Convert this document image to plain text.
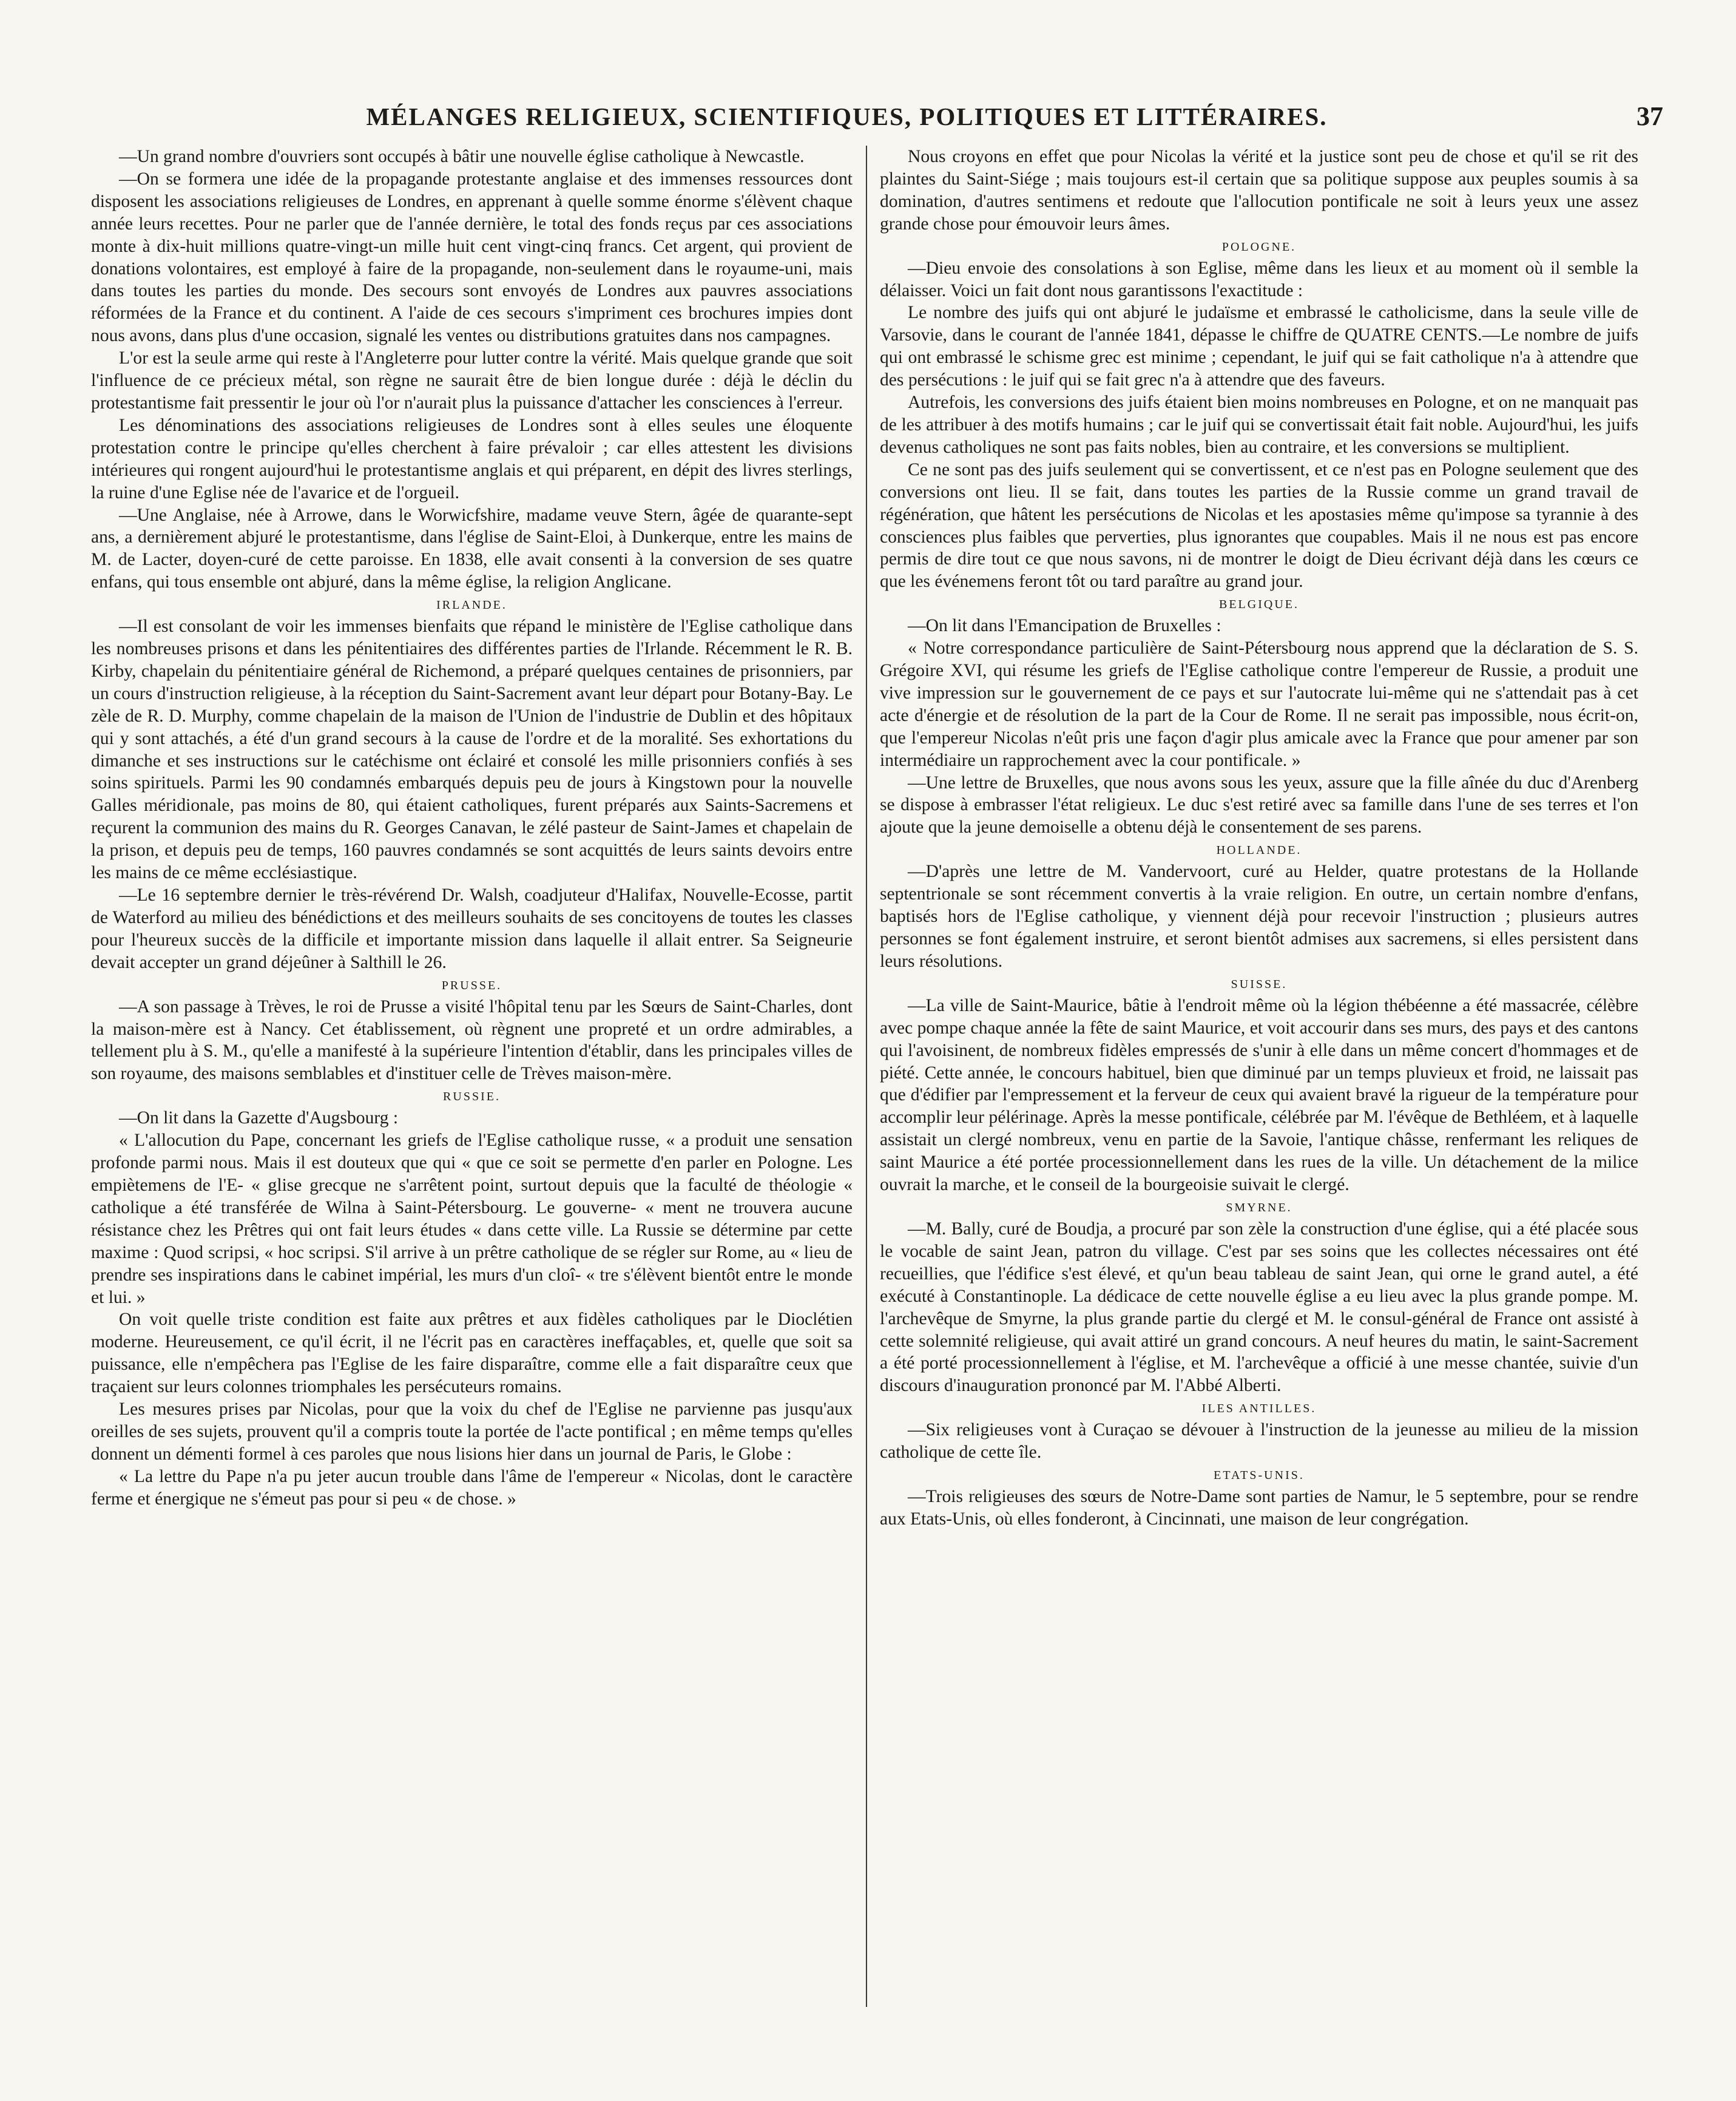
MÉLANGES RELIGIEUX, SCIENTIFIQUES, POLITIQUES ET LITTÉRAIRES.	37

—Un grand nombre d'ouvriers sont occupés à bâtir une nouvelle église catholique à Newcastle.

—On se formera une idée de la propagande protestante anglaise et des immenses ressources dont disposent les associations religieuses de Londres, en apprenant à quelle somme énorme s'élèvent chaque année leurs recettes. Pour ne parler que de l'année dernière, le total des fonds reçus par ces associations monte à dix-huit millions quatre-vingt-un mille huit cent vingt-cinq francs. Cet argent, qui provient de donations volontaires, est employé à faire de la propagande, non-seulement dans le royaume-uni, mais dans toutes les parties du monde. Des secours sont envoyés de Londres aux pauvres associations réformées de la France et du continent. A l'aide de ces secours s'impriment ces brochures impies dont nous avons, dans plus d'une occasion, signalé les ventes ou distributions gratuites dans nos campagnes.

L'or est la seule arme qui reste à l'Angleterre pour lutter contre la vérité. Mais quelque grande que soit l'influence de ce précieux métal, son règne ne saurait être de bien longue durée : déjà le déclin du protestantisme fait pressentir le jour où l'or n'aurait plus la puissance d'attacher les consciences à l'erreur.

Les dénominations des associations religieuses de Londres sont à elles seules une éloquente protestation contre le principe qu'elles cherchent à faire prévaloir ; car elles attestent les divisions intérieures qui rongent aujourd'hui le protestantisme anglais et qui préparent, en dépit des livres sterlings, la ruine d'une Eglise née de l'avarice et de l'orgueil.

—Une Anglaise, née à Arrowe, dans le Worwicfshire, madame veuve Stern, âgée de quarante-sept ans, a dernièrement abjuré le protestantisme, dans l'église de Saint-Eloi, à Dunkerque, entre les mains de M. de Lacter, doyen-curé de cette paroisse. En 1838, elle avait consenti à la conversion de ses quatre enfans, qui tous ensemble ont abjuré, dans la même église, la religion Anglicane.

IRLANDE.

—Il est consolant de voir les immenses bienfaits que répand le ministère de l'Eglise catholique dans les nombreuses prisons et dans les pénitentiaires des différentes parties de l'Irlande. Récemment le R. B. Kirby, chapelain du pénitentiaire général de Richemond, a préparé quelques centaines de prisonniers, par un cours d'instruction religieuse, à la réception du Saint-Sacrement avant leur départ pour Botany-Bay. Le zèle de R. D. Murphy, comme chapelain de la maison de l'Union de l'industrie de Dublin et des hôpitaux qui y sont attachés, a été d'un grand secours à la cause de l'ordre et de la moralité. Ses exhortations du dimanche et ses instructions sur le catéchisme ont éclairé et consolé les mille prisonniers confiés à ses soins spirituels. Parmi les 90 condamnés embarqués depuis peu de jours à Kingstown pour la nouvelle Galles méridionale, pas moins de 80, qui étaient catholiques, furent préparés aux Saints-Sacremens et reçurent la communion des mains du R. Georges Canavan, le zélé pasteur de Saint-James et chapelain de la prison, et depuis peu de temps, 160 pauvres condamnés se sont acquittés de leurs saints devoirs entre les mains de ce même ecclésiastique.

—Le 16 septembre dernier le très-révérend Dr. Walsh, coadjuteur d'Halifax, Nouvelle-Ecosse, partit de Waterford au milieu des bénédictions et des meilleurs souhaits de ses concitoyens de toutes les classes pour l'heureux succès de la difficile et importante mission dans laquelle il allait entrer. Sa Seigneurie devait accepter un grand déjeûner à Salthill le 26.

PRUSSE.

—A son passage à Trèves, le roi de Prusse a visité l'hôpital tenu par les Sœurs de Saint-Charles, dont la maison-mère est à Nancy. Cet établissement, où règnent une propreté et un ordre admirables, a tellement plu à S. M., qu'elle a manifesté à la supérieure l'intention d'établir, dans les principales villes de son royaume, des maisons semblables et d'instituer celle de Trèves maison-mère.

RUSSIE.

—On lit dans la Gazette d'Augsbourg :

« L'allocution du Pape, concernant les griefs de l'Eglise catholique russe, « a produit une sensation profonde parmi nous. Mais il est douteux que qui « que ce soit se permette d'en parler en Pologne. Les empiètemens de l'E- « glise grecque ne s'arrêtent point, surtout depuis que la faculté de théologie « catholique a été transférée de Wilna à Saint-Pétersbourg. Le gouverne- « ment ne trouvera aucune résistance chez les Prêtres qui ont fait leurs études « dans cette ville. La Russie se détermine par cette maxime : Quod scripsi, « hoc scripsi. S'il arrive à un prêtre catholique de se régler sur Rome, au « lieu de prendre ses inspirations dans le cabinet impérial, les murs d'un cloî- « tre s'élèvent bientôt entre le monde et lui. »

On voit quelle triste condition est faite aux prêtres et aux fidèles catholiques par le Dioclétien moderne. Heureusement, ce qu'il écrit, il ne l'écrit pas en caractères ineffaçables, et, quelle que soit sa puissance, elle n'empêchera pas l'Eglise de les faire disparaître, comme elle a fait disparaître ceux que traçaient sur leurs colonnes triomphales les persécuteurs romains.

Les mesures prises par Nicolas, pour que la voix du chef de l'Eglise ne parvienne pas jusqu'aux oreilles de ses sujets, prouvent qu'il a compris toute la portée de l'acte pontifical ; en même temps qu'elles donnent un démenti formel à ces paroles que nous lisions hier dans un journal de Paris, le Globe :

« La lettre du Pape n'a pu jeter aucun trouble dans l'âme de l'empereur « Nicolas, dont le caractère ferme et énergique ne s'émeut pas pour si peu « de chose. »

Nous croyons en effet que pour Nicolas la vérité et la justice sont peu de chose et qu'il se rit des plaintes du Saint-Siége ; mais toujours est-il certain que sa politique suppose aux peuples soumis à sa domination, d'autres sentimens et redoute que l'allocution pontificale ne soit à leurs yeux une assez grande chose pour émouvoir leurs âmes.

POLOGNE.

—Dieu envoie des consolations à son Eglise, même dans les lieux et au moment où il semble la délaisser. Voici un fait dont nous garantissons l'exactitude :

Le nombre des juifs qui ont abjuré le judaïsme et embrassé le catholicisme, dans la seule ville de Varsovie, dans le courant de l'année 1841, dépasse le chiffre de QUATRE CENTS.—Le nombre de juifs qui ont embrassé le schisme grec est minime ; cependant, le juif qui se fait catholique n'a à attendre que des persécutions : le juif qui se fait grec n'a à attendre que des faveurs.

Autrefois, les conversions des juifs étaient bien moins nombreuses en Pologne, et on ne manquait pas de les attribuer à des motifs humains ; car le juif qui se convertissait était fait noble. Aujourd'hui, les juifs devenus catholiques ne sont pas faits nobles, bien au contraire, et les conversions se multiplient.

Ce ne sont pas des juifs seulement qui se convertissent, et ce n'est pas en Pologne seulement que des conversions ont lieu. Il se fait, dans toutes les parties de la Russie comme un grand travail de régénération, que hâtent les persécutions de Nicolas et les apostasies même qu'impose sa tyrannie à des consciences plus faibles que perverties, plus ignorantes que coupables. Mais il ne nous est pas encore permis de dire tout ce que nous savons, ni de montrer le doigt de Dieu écrivant déjà dans les cœurs ce que les événemens feront tôt ou tard paraître au grand jour.

BELGIQUE.

—On lit dans l'Emancipation de Bruxelles :

« Notre correspondance particulière de Saint-Pétersbourg nous apprend que la déclaration de S. S. Grégoire XVI, qui résume les griefs de l'Eglise catholique contre l'empereur de Russie, a produit une vive impression sur le gouvernement de ce pays et sur l'autocrate lui-même qui ne s'attendait pas à cet acte d'énergie et de résolution de la part de la Cour de Rome. Il ne serait pas impossible, nous écrit-on, que l'empereur Nicolas n'eût pris une façon d'agir plus amicale avec la France que pour amener par son intermédiaire un rapprochement avec la cour pontificale. »

—Une lettre de Bruxelles, que nous avons sous les yeux, assure que la fille aînée du duc d'Arenberg se dispose à embrasser l'état religieux. Le duc s'est retiré avec sa famille dans l'une de ses terres et l'on ajoute que la jeune demoiselle a obtenu déjà le consentement de ses parens.

HOLLANDE.

—D'après une lettre de M. Vandervoort, curé au Helder, quatre protestans de la Hollande septentrionale se sont récemment convertis à la vraie religion. En outre, un certain nombre d'enfans, baptisés hors de l'Eglise catholique, y viennent déjà pour recevoir l'instruction ; plusieurs autres personnes se font également instruire, et seront bientôt admises aux sacremens, si elles persistent dans leurs résolutions.

SUISSE.

—La ville de Saint-Maurice, bâtie à l'endroit même où la légion thébéenne a été massacrée, célèbre avec pompe chaque année la fête de saint Maurice, et voit accourir dans ses murs, des pays et des cantons qui l'avoisinent, de nombreux fidèles empressés de s'unir à elle dans un même concert d'hommages et de piété. Cette année, le concours habituel, bien que diminué par un temps pluvieux et froid, ne laissait pas que d'édifier par l'empressement et la ferveur de ceux qui avaient bravé la rigueur de la température pour accomplir leur pélérinage. Après la messe pontificale, célébrée par M. l'évêque de Bethléem, et à laquelle assistait un clergé nombreux, venu en partie de la Savoie, l'antique châsse, renfermant les reliques de saint Maurice a été portée processionnellement dans les rues de la ville. Un détachement de la milice ouvrait la marche, et le conseil de la bourgeoisie suivait le clergé.

SMYRNE.

—M. Bally, curé de Boudja, a procuré par son zèle la construction d'une église, qui a été placée sous le vocable de saint Jean, patron du village. C'est par ses soins que les collectes nécessaires ont été recueillies, que l'édifice s'est élevé, et qu'un beau tableau de saint Jean, qui orne le grand autel, a été exécuté à Constantinople. La dédicace de cette nouvelle église a eu lieu avec la plus grande pompe. M. l'archevêque de Smyrne, la plus grande partie du clergé et M. le consul-général de France ont assisté à cette solemnité religieuse, qui avait attiré un grand concours. A neuf heures du matin, le saint-Sacrement a été porté processionnellement à l'église, et M. l'archevêque a officié à une messe chantée, suivie d'un discours d'inauguration prononcé par M. l'Abbé Alberti.

ILES ANTILLES.

—Six religieuses vont à Curaçao se dévouer à l'instruction de la jeunesse au milieu de la mission catholique de cette île.

ETATS-UNIS.

—Trois religieuses des sœurs de Notre-Dame sont parties de Namur, le 5 septembre, pour se rendre aux Etats-Unis, où elles fonderont, à Cincinnati, une maison de leur congrégation.
